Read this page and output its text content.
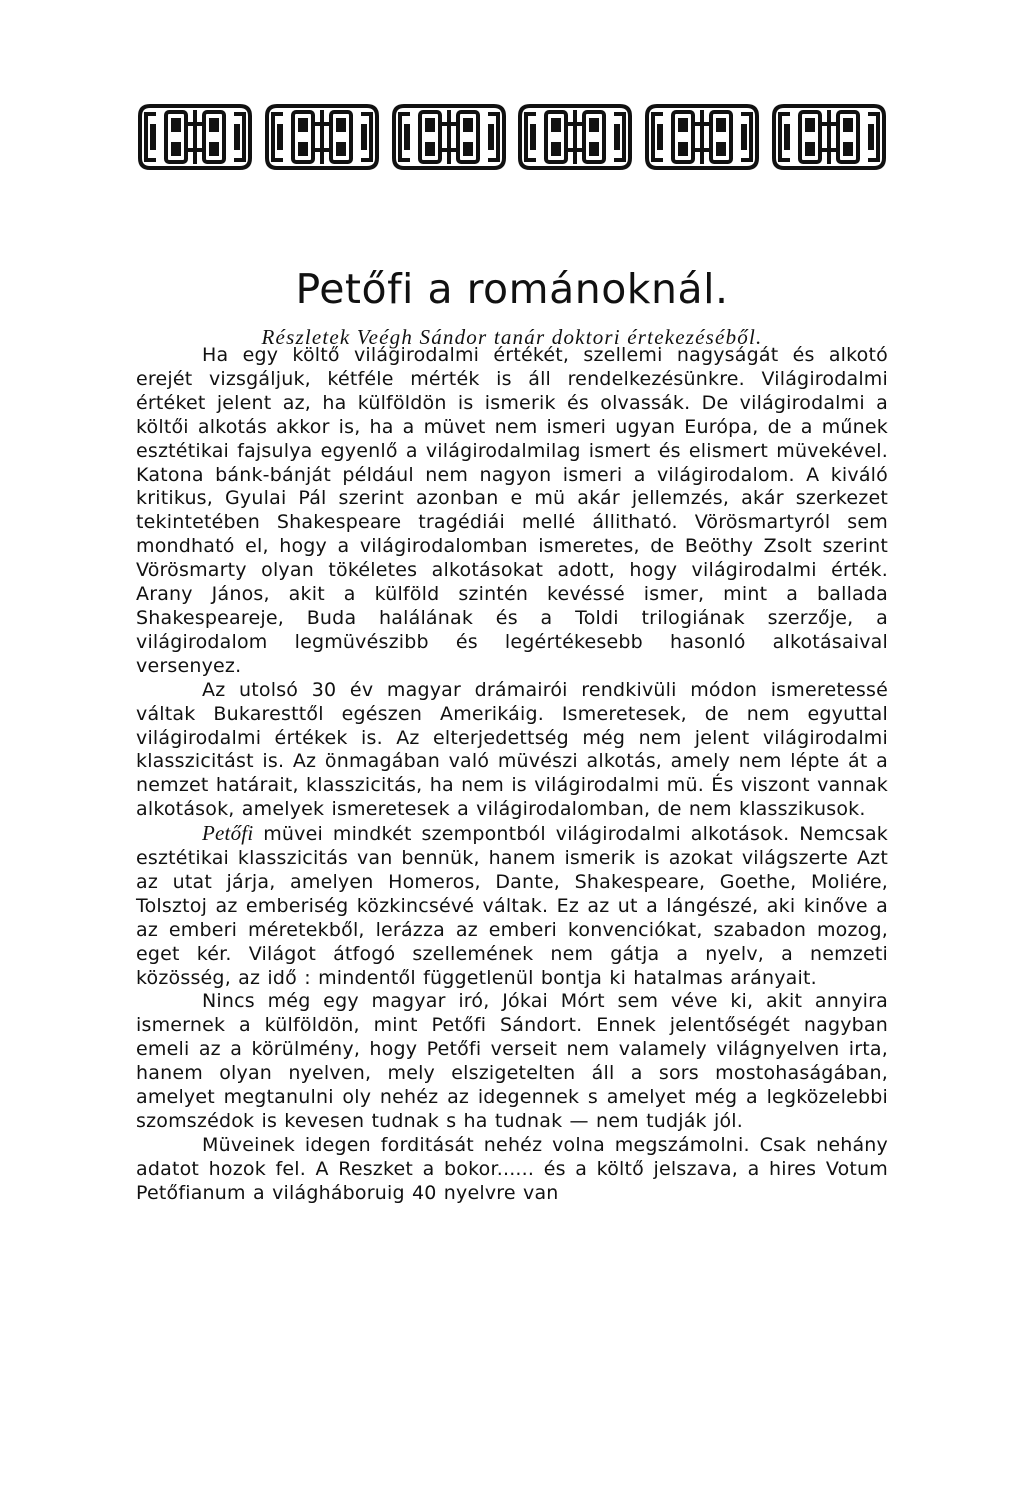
Petőfi a románoknál.
Részletek Veégh Sándor tanár doktori értekezéséből.

Ha egy költő világirodalmi értékét, szellemi nagyságát és alkotó erejét vizsgáljuk, kétféle mérték is áll rendelkezésünkre. Világirodalmi értéket jelent az, ha külföldön is ismerik és olvassák. De világirodalmi a költői alkotás akkor is, ha a müvet nem ismeri ugyan Európa, de a műnek esztétikai fajsulya egyenlő a világirodalmilag ismert és elismert müvekével. Katona bánk-bánját például nem nagyon ismeri a világirodalom. A kiváló kritikus, Gyulai Pál szerint azonban e mü akár jellemzés, akár szerkezet tekintetében Shakespeare tragédiái mellé állitható. Vörösmartyról sem mondható el, hogy a világirodalomban ismeretes, de Beöthy Zsolt szerint Vörösmarty olyan tökéletes alkotásokat adott, hogy világirodalmi érték. Arany János, akit a külföld szintén kevéssé ismer, mint a ballada Shakespeareje, Buda halálának és a Toldi trilogiának szerzője, a világirodalom legmüvészibb és legértékesebb hasonló alkotásaival versenyez.

Az utolsó 30 év magyar drámairói rendkivüli módon ismeretessé váltak Bukaresttől egészen Amerikáig. Ismeretesek, de nem egyuttal világirodalmi értékek is. Az elterjedettség még nem jelent világirodalmi klasszicitást is. Az önmagában való müvészi alkotás, amely nem lépte át a nemzet határait, klasszicitás, ha nem is világirodalmi mü. És viszont vannak alkotások, amelyek ismeretesek a világirodalomban, de nem klasszikusok.

Petőfi müvei mindkét szempontból világirodalmi alkotások. Nemcsak esztétikai klasszicitás van bennük, hanem ismerik is azokat világszerte Azt az utat járja, amelyen Homeros, Dante, Shakespeare, Goethe, Moliére, Tolsztoj az emberiség közkincsévé váltak. Ez az ut a lángészé, aki kinőve a az emberi méretekből, lerázza az emberi konvenciókat, szabadon mozog, eget kér. Világot átfogó szellemének nem gátja a nyelv, a nemzeti közösség, az idő : mindentől függetlenül bontja ki hatalmas arányait.

Nincs még egy magyar iró, Jókai Mórt sem véve ki, akit annyira ismernek a külföldön, mint Petőfi Sándort. Ennek jelentőségét nagyban emeli az a körülmény, hogy Petőfi verseit nem valamely világnyelven irta, hanem olyan nyelven, mely elszigetelten áll a sors mostohaságában, amelyet megtanulni oly nehéz az idegennek s amelyet még a legközelebbi szomszédok is kevesen tudnak s ha tudnak — nem tudják jól.

Müveinek idegen forditását nehéz volna megszámolni. Csak nehány adatot hozok fel. A Reszket a bokor...... és a költő jelszava, a hires Votum Petőfianum a világháboruig 40 nyelvre van
